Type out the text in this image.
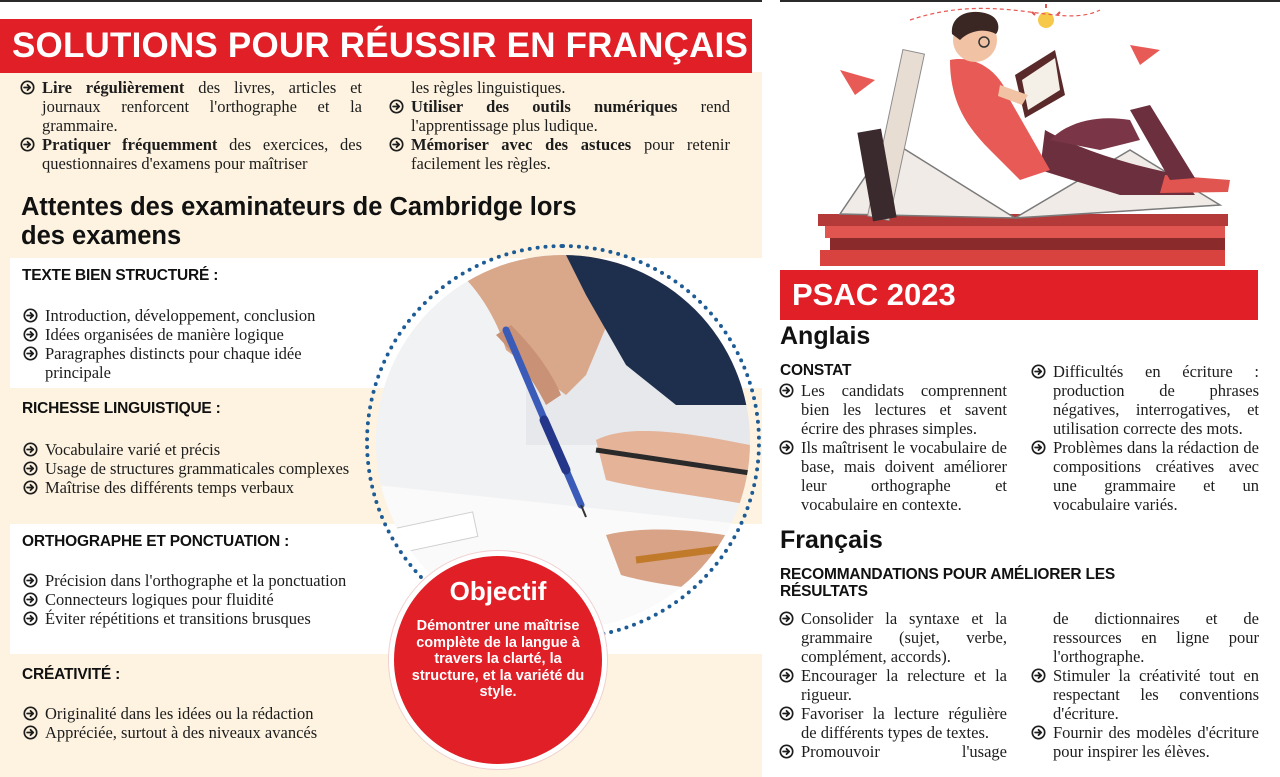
SOLUTIONS POUR RÉUSSIR EN FRANÇAIS
Lire régulièrement des livres, articles et journaux renforcent l'orthographe et la grammaire.
Pratiquer fréquemment des exercices, des questionnaires d'examens pour maîtriser
les règles linguistiques.
Utiliser des outils numériques rend l'apprentissage plus ludique.
Mémoriser avec des astuces pour retenir facilement les règles.
Attentes des examinateurs de Cambridge lors des examens
TEXTE BIEN STRUCTURÉ :
Introduction, développement, conclusion
Idées organisées de manière logique
Paragraphes distincts pour chaque idée principale
RICHESSE LINGUISTIQUE :
Vocabulaire varié et précis
Usage de structures grammaticales complexes
Maîtrise des différents temps verbaux
ORTHOGRAPHE ET PONCTUATION :
Précision dans l'orthographe et la ponctuation
Connecteurs logiques pour fluidité
Éviter répétitions et transitions brusques
CRÉATIVITÉ :
Originalité dans les idées ou la rédaction
Appréciée, surtout à des niveaux avancés
Objectif
Démontrer une maîtrise complète de la langue à travers la clarté, la structure, et la variété du style.
PSAC 2023
Anglais
CONSTAT
Les candidats comprennent bien les lectures et savent écrire des phrases simples.
Ils maîtrisent le vocabulaire de base, mais doivent améliorer leur orthographe et vocabulaire en contexte.
Difficultés en écriture : production de phrases négatives, interrogatives, et utilisation correcte des mots.
Problèmes dans la rédaction de compositions créatives avec une grammaire et un vocabulaire variés.
Français
RECOMMANDATIONS POUR AMÉLIORER LES RÉSULTATS
Consolider la syntaxe et la grammaire (sujet, verbe, complément, accords).
Encourager la relecture et la rigueur.
Favoriser la lecture régulière de différents types de textes.
Promouvoir l'usage
de dictionnaires et de ressources en ligne pour l'orthographe.
Stimuler la créativité tout en respectant les conventions d'écriture.
Fournir des modèles d'écriture pour inspirer les élèves.
